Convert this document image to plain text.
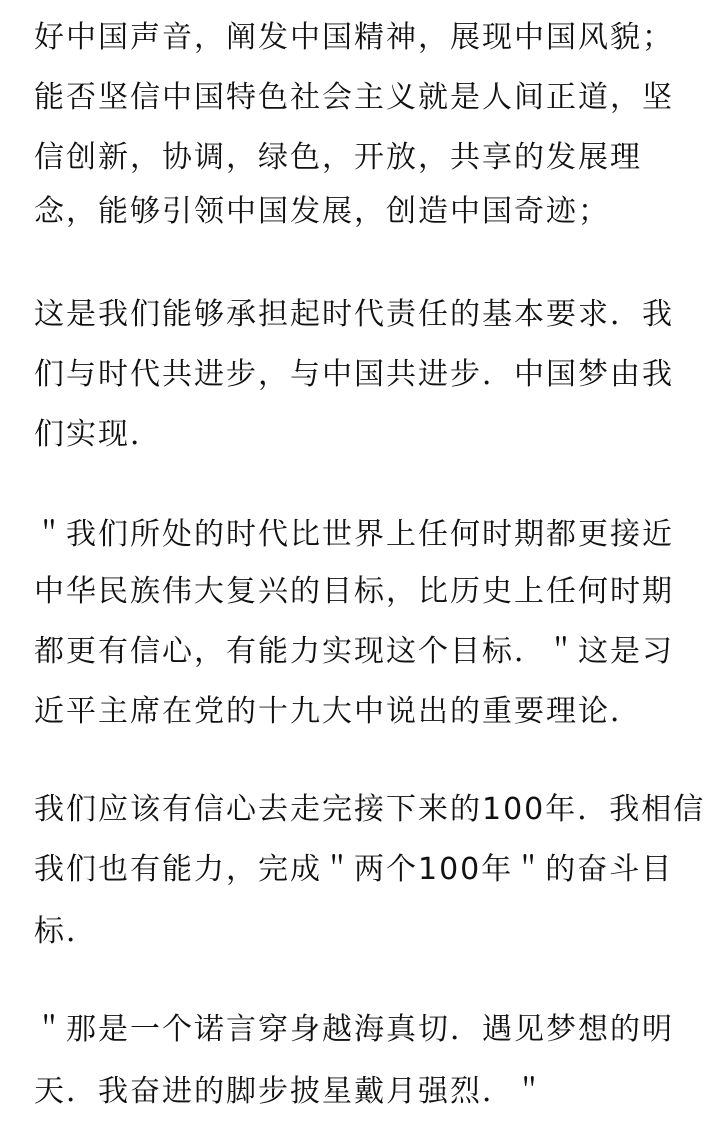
好中国声音，阐发中国精神，展现中国风貌；
能否坚信中国特色社会主义就是人间正道，坚
信创新，协调，绿色，开放，共享的发展理
念，能够引领中国发展，创造中国奇迹；
这是我们能够承担起时代责任的基本要求．我
们与时代共进步，与中国共进步．中国梦由我
们实现．
＂我们所处的时代比世界上任何时期都更接近
中华民族伟大复兴的目标，比历史上任何时期
都更有信心，有能力实现这个目标．＂这是习
近平主席在党的十九大中说出的重要理论．
我们应该有信心去走完接下来的100年．我相信
我们也有能力，完成＂两个100年＂的奋斗目
标．
＂那是一个诺言穿身越海真切．遇见梦想的明
天．我奋进的脚步披星戴月强烈．＂
